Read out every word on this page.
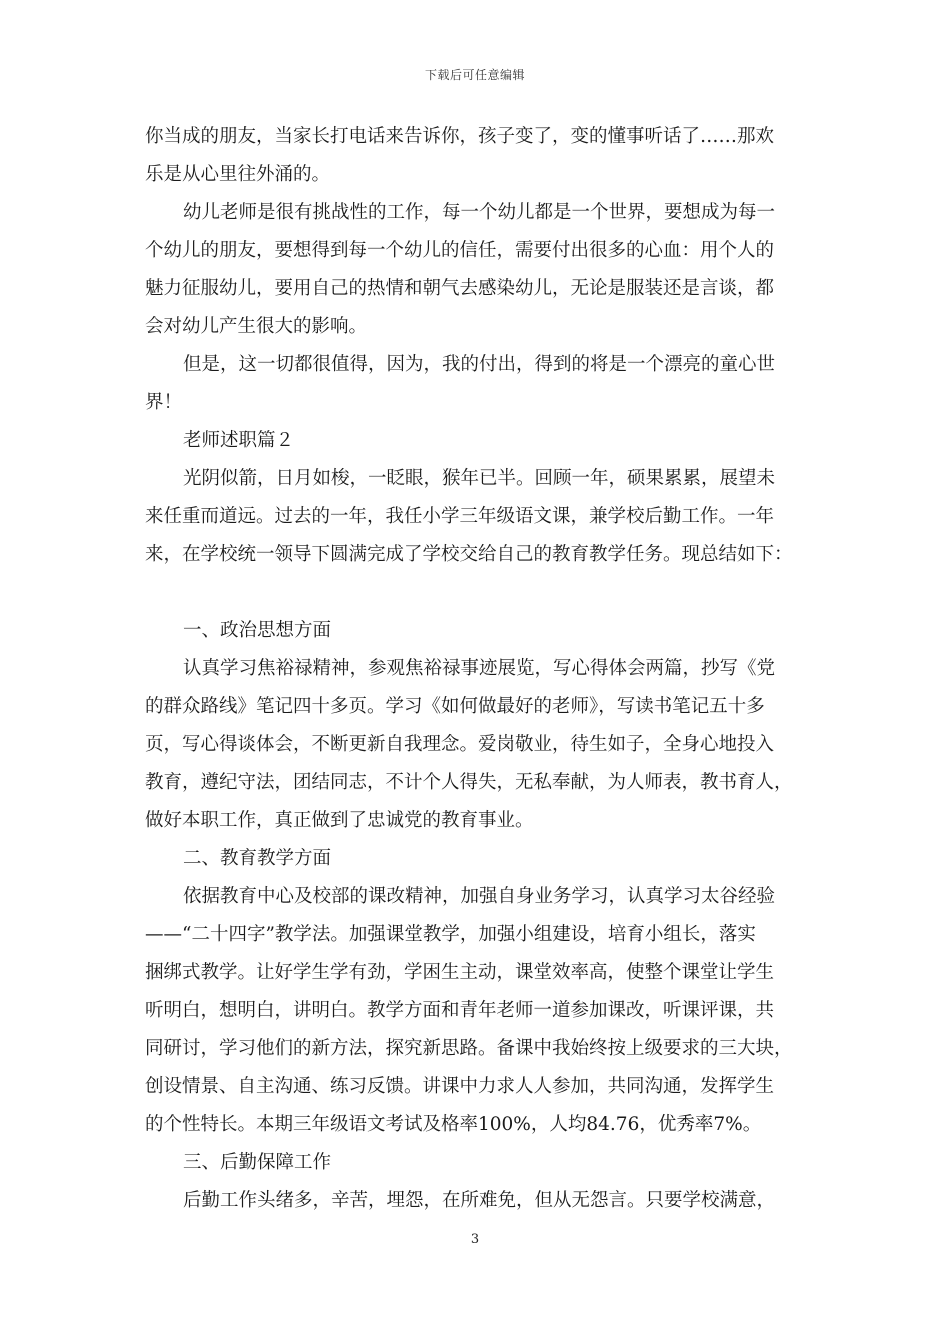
下载后可任意编辑
你当成的朋友，当家长打电话来告诉你，孩子变了，变的懂事听话了……那欢
乐是从心里往外涌的。
幼儿老师是很有挑战性的工作，每一个幼儿都是一个世界，要想成为每一
个幼儿的朋友，要想得到每一个幼儿的信任，需要付出很多的心血：用个人的
魅力征服幼儿，要用自己的热情和朝气去感染幼儿，无论是服装还是言谈，都
会对幼儿产生很大的影响。
但是，这一切都很值得，因为，我的付出，得到的将是一个漂亮的童心世
界！
老师述职篇２
光阴似箭，日月如梭，一眨眼，猴年已半。回顾一年，硕果累累，展望未
来任重而道远。过去的一年，我任小学三年级语文课，兼学校后勤工作。一年
来，在学校统一领导下圆满完成了学校交给自己的教育教学任务。现总结如下：
一、政治思想方面
认真学习焦裕禄精神，参观焦裕禄事迹展览，写心得体会两篇，抄写《党
的群众路线》笔记四十多页。学习《如何做最好的老师》，写读书笔记五十多
页，写心得谈体会，不断更新自我理念。爱岗敬业，待生如子，全身心地投入
教育，遵纪守法，团结同志，不计个人得失，无私奉献，为人师表，教书育人，
做好本职工作，真正做到了忠诚党的教育事业。
二、教育教学方面
依据教育中心及校部的课改精神，加强自身业务学习，认真学习太谷经验
——“二十四字”教学法。加强课堂教学，加强小组建设，培育小组长，落实
捆绑式教学。让好学生学有劲，学困生主动，课堂效率高，使整个课堂让学生
听明白，想明白，讲明白。教学方面和青年老师一道参加课改，听课评课，共
同研讨，学习他们的新方法，探究新思路。备课中我始终按上级要求的三大块，
创设情景、自主沟通、练习反馈。讲课中力求人人参加，共同沟通，发挥学生
的个性特长。本期三年级语文考试及格率100%，人均84.76，优秀率7%。
三、后勤保障工作
后勤工作头绪多，辛苦，埋怨，在所难免，但从无怨言。只要学校满意，
3
